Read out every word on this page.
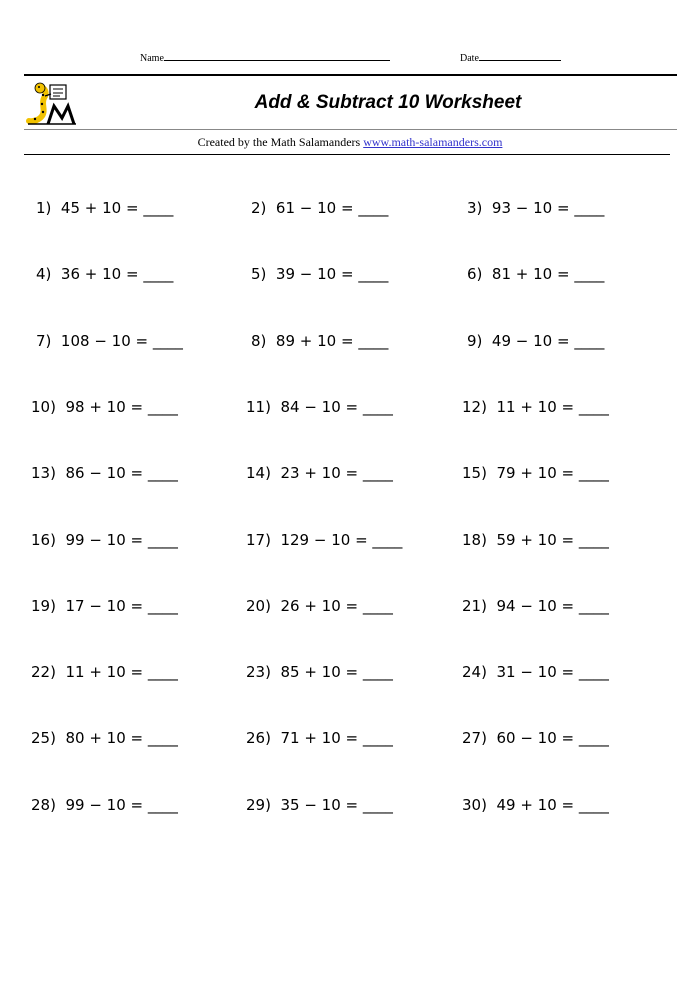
Name	Date
Add & Subtract 10 Worksheet
Created by the Math Salamanders www.math-salamanders.com
1)  45 + 10 = ____	2)  61 − 10 = ____	3)  93 − 10 = ____
4)  36 + 10 = ____	5)  39 − 10 = ____	6)  81 + 10 = ____
7)  108 − 10 = ____	8)  89 + 10 = ____	9)  49 − 10 = ____
10)  98 + 10 = ____	11)  84 − 10 = ____	12)  11 + 10 = ____
13)  86 − 10 = ____	14)  23 + 10 = ____	15)  79 + 10 = ____
16)  99 − 10 = ____	17)  129 − 10 = ____	18)  59 + 10 = ____
19)  17 − 10 = ____	20)  26 + 10 = ____	21)  94 − 10 = ____
22)  11 + 10 = ____	23)  85 + 10 = ____	24)  31 − 10 = ____
25)  80 + 10 = ____	26)  71 + 10 = ____	27)  60 − 10 = ____
28)  99 − 10 = ____	29)  35 − 10 = ____	30)  49 + 10 = ____
